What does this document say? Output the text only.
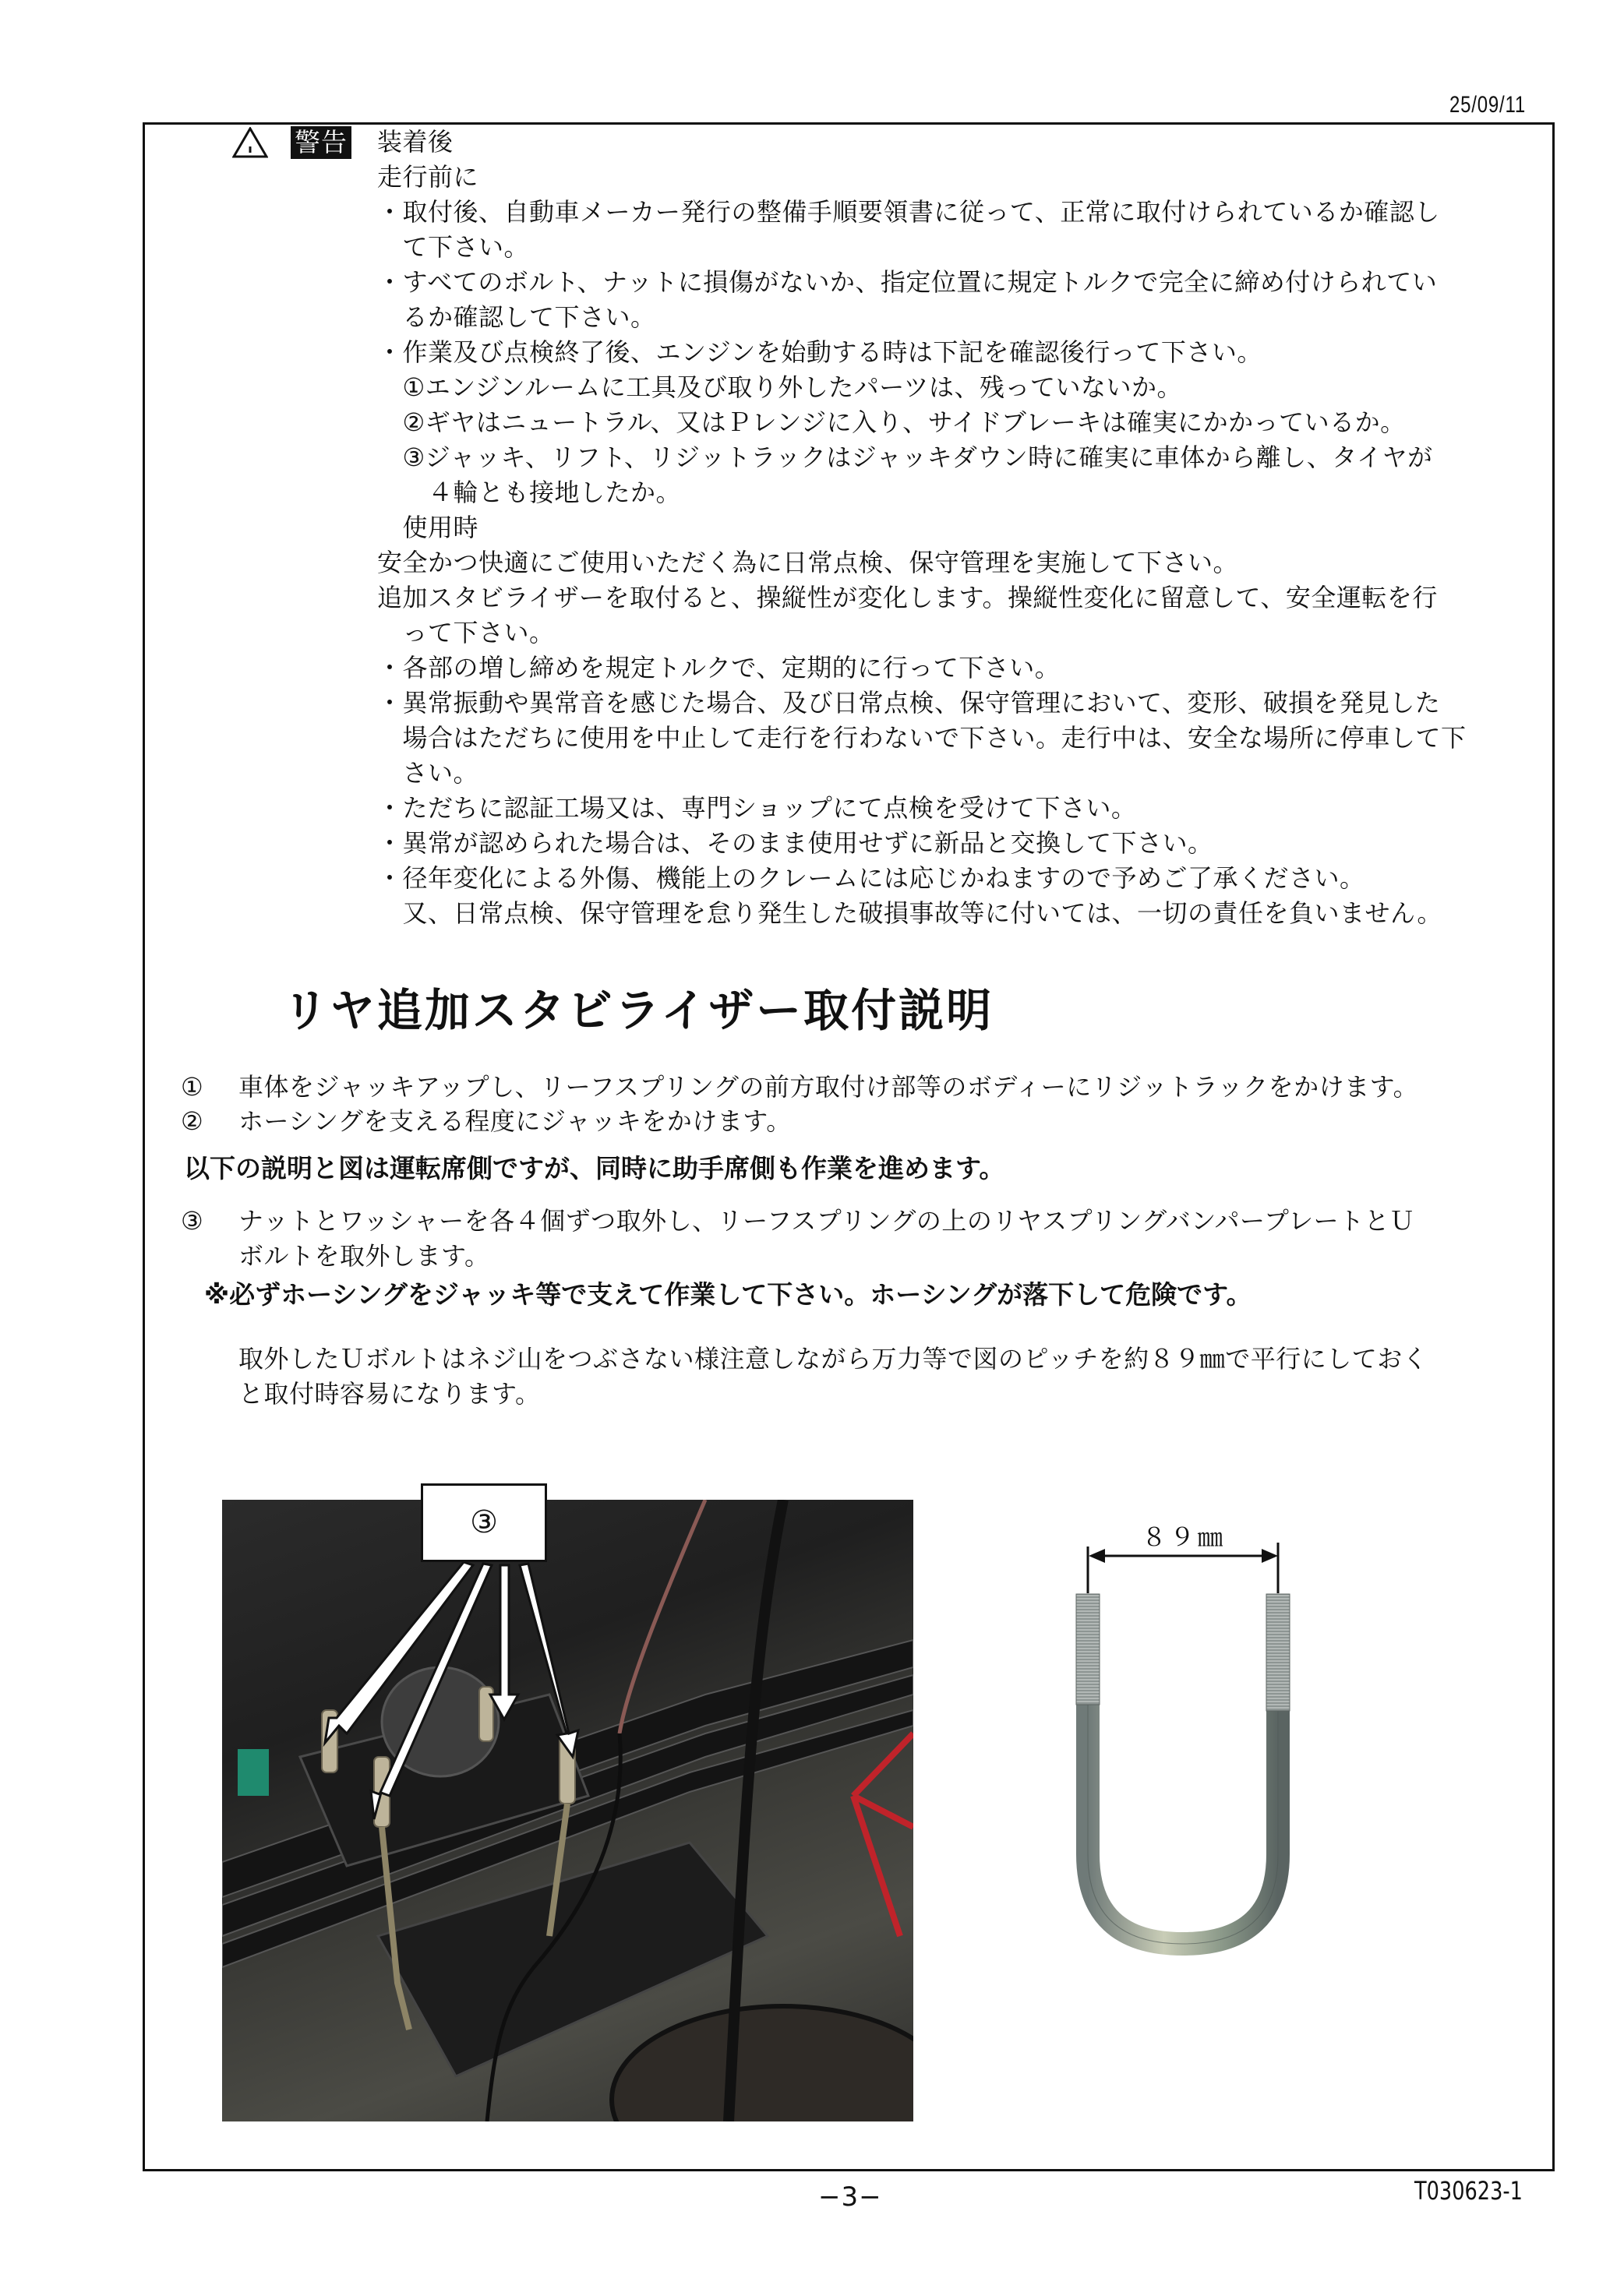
25/09/11
警告 装着後
走行前に
・取付後、自動車メーカー発行の整備手順要領書に従って、正常に取付けられているか確認し
　て下さい。
・すべてのボルト、ナットに損傷がないか、指定位置に規定トルクで完全に締め付けられてい
　るか確認して下さい。
・作業及び点検終了後、エンジンを始動する時は下記を確認後行って下さい。
　①エンジンルームに工具及び取り外したパーツは、残っていないか。
　②ギヤはニュートラル、又はＰレンジに入り、サイドブレーキは確実にかかっているか。
　③ジャッキ、リフト、リジットラックはジャッキダウン時に確実に車体から離し、タイヤが
　　４輪とも接地したか。
　使用時
安全かつ快適にご使用いただく為に日常点検、保守管理を実施して下さい。
追加スタビライザーを取付ると、操縦性が変化します。操縦性変化に留意して、安全運転を行
　って下さい。
・各部の増し締めを規定トルクで、定期的に行って下さい。
・異常振動や異常音を感じた場合、及び日常点検、保守管理において、変形、破損を発見した
　場合はただちに使用を中止して走行を行わないで下さい。走行中は、安全な場所に停車して下
　さい。
・ただちに認証工場又は、専門ショップにて点検を受けて下さい。
・異常が認められた場合は、そのまま使用せずに新品と交換して下さい。
・径年変化による外傷、機能上のクレームには応じかねますので予めご了承ください。
　又、日常点検、保守管理を怠り発生した破損事故等に付いては、一切の責任を負いません。
リヤ追加スタビライザー取付説明
① 車体をジャッキアップし、リーフスプリングの前方取付け部等のボディーにリジットラックをかけます。
② ホーシングを支える程度にジャッキをかけます。
以下の説明と図は運転席側ですが、同時に助手席側も作業を進めます。
③ ナットとワッシャーを各４個ずつ取外し、リーフスプリングの上のリヤスプリングバンパープレートとＵ
ボルトを取外します。
※必ずホーシングをジャッキ等で支えて作業して下さい。ホーシングが落下して危険です。
取外したＵボルトはネジ山をつぶさない様注意しながら万力等で図のピッチを約８９㎜で平行にしておく
と取付時容易になります。
③	８９㎜
−3−	T030623-1
